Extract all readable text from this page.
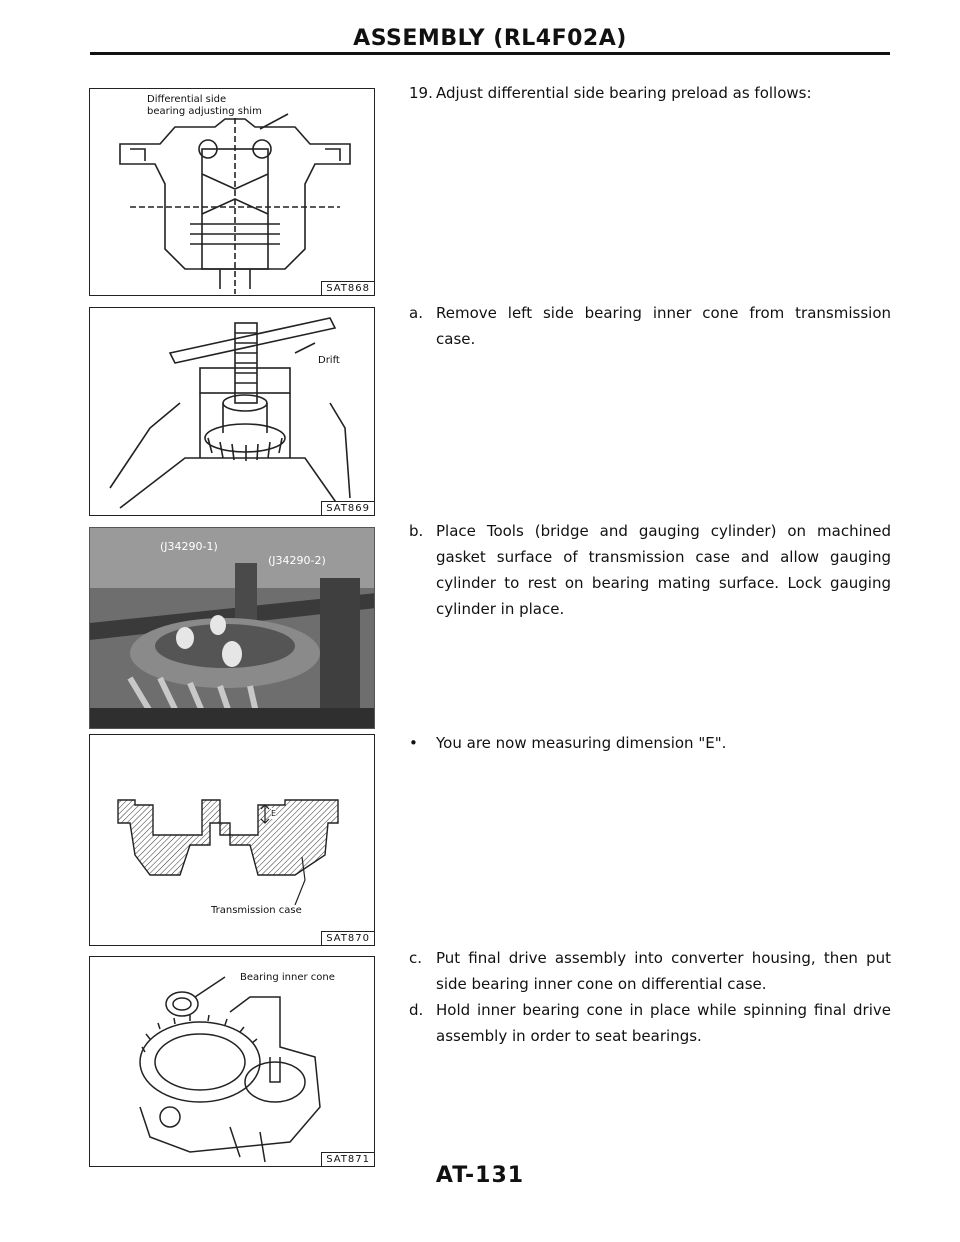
ASSEMBLY (RL4F02A)
Differential side
bearing adjusting shim
SAT868
Drift
SAT869
(J34290-1)
(J34290-2)
E
Transmission case
SAT870
Bearing inner cone
SAT871
19. Adjust differential side bearing preload as follows:
a. Remove left side bearing inner cone from transmission case.
b. Place Tools (bridge and gauging cylinder) on machined gasket surface of transmission case and allow gauging cylinder to rest on bearing mating surface. Lock gauging cylinder in place.
• You are now measuring dimension "E".
c. Put final drive assembly into converter housing, then put side bearing inner cone on differential case.
d. Hold inner bearing cone in place while spinning final drive assembly in order to seat bearings.
AT-131
